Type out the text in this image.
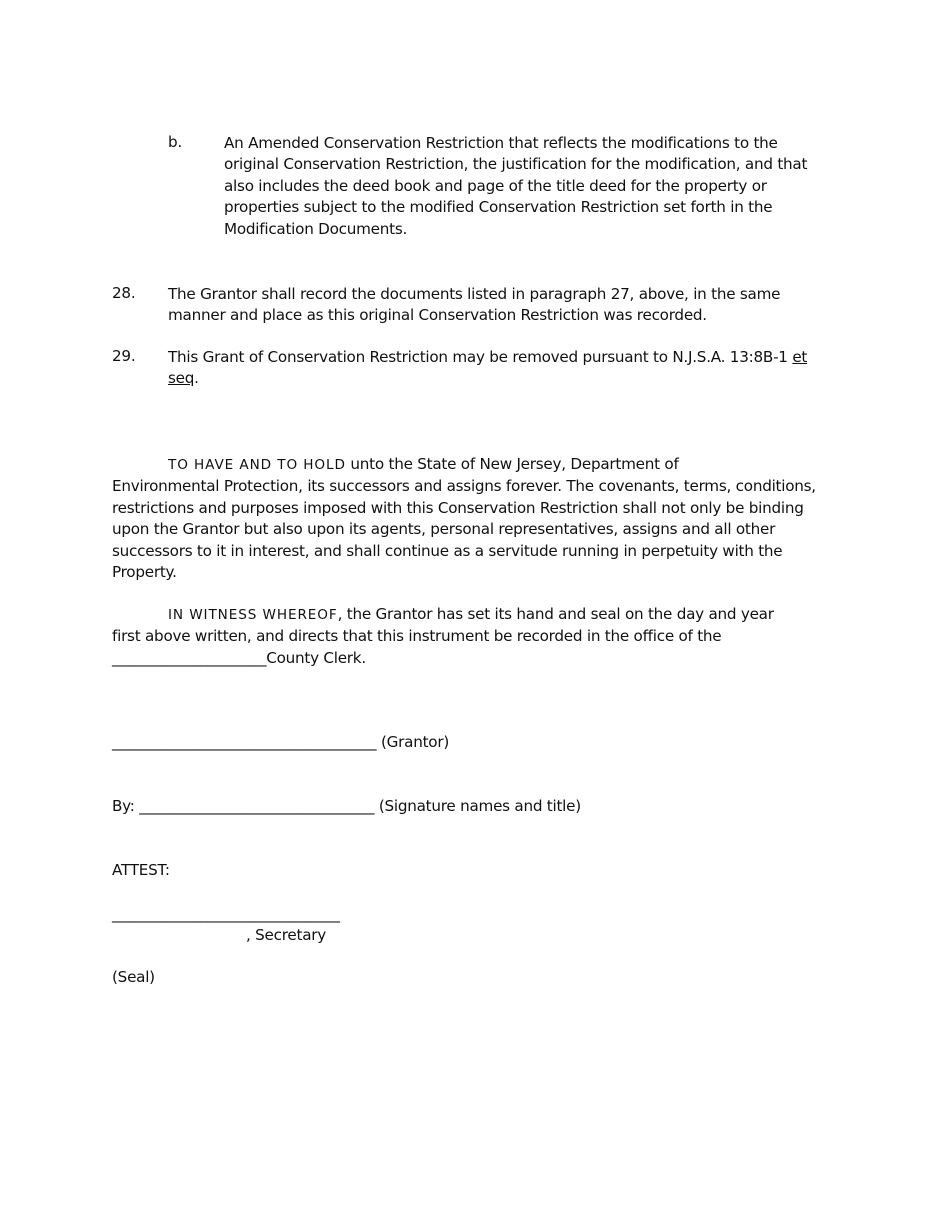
b.	An Amended Conservation Restriction that reflects the modifications to the
original Conservation Restriction, the justification for the modification, and that
also includes the deed book and page of the title deed for the property or
properties subject to the modified Conservation Restriction set forth in the
Modification Documents.
28. The Grantor shall record the documents listed in paragraph 27, above, in the same
manner and place as this original Conservation Restriction was recorded.
29. This Grant of Conservation Restriction may be removed pursuant to N.J.S.A. 13:8B-1 et
seq.
TO HAVE AND TO HOLD unto the State of New Jersey, Department of
Environmental Protection, its successors and assigns forever. The covenants, terms, conditions,
restrictions and purposes imposed with this Conservation Restriction shall not only be binding
upon the Grantor but also upon its agents, personal representatives, assigns and all other
successors to it in interest, and shall continue as a servitude running in perpetuity with the
Property.
IN WITNESS WHEREOF, the Grantor has set its hand and seal on the day and year
first above written, and directs that this instrument be recorded in the office of the
_____________________County Clerk.
____________________________________ (Grantor)
By: ________________________________ (Signature names and title)
ATTEST:
_______________________________
, Secretary
(Seal)
